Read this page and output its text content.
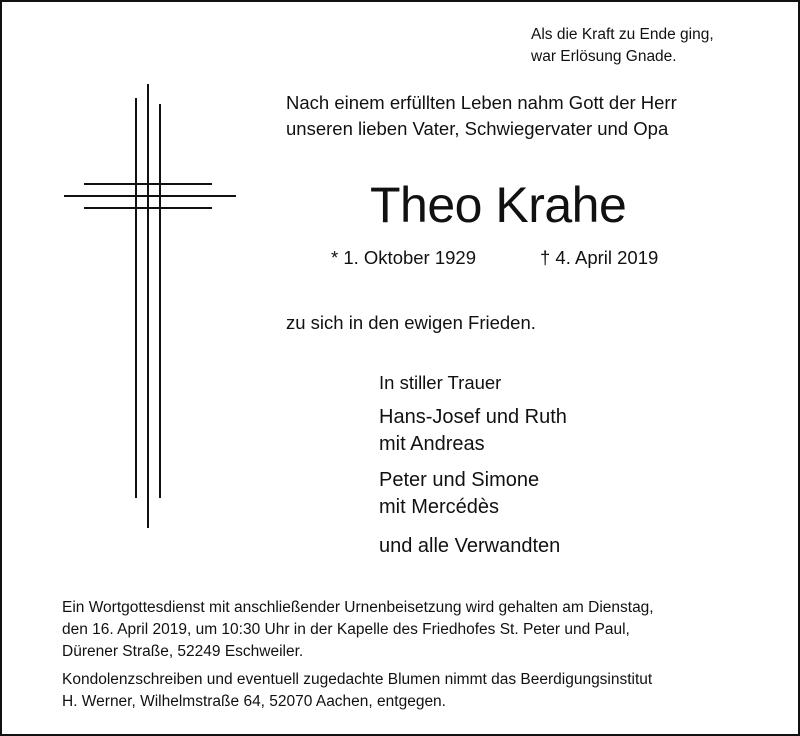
Als die Kraft zu Ende ging,
war Erlösung Gnade.
Nach einem erfüllten Leben nahm Gott der Herr
unseren lieben Vater, Schwiegervater und Opa
Theo Krahe
* 1. Oktober 1929	† 4. April 2019
zu sich in den ewigen Frieden.
In stiller Trauer
Hans-Josef und Ruth
mit Andreas
Peter und Simone
mit Mercédès
und alle Verwandten
Ein Wortgottesdienst mit anschließender Urnenbeisetzung wird gehalten am Dienstag,
den 16. April 2019, um 10:30 Uhr in der Kapelle des Friedhofes St. Peter und Paul,
Dürener Straße, 52249 Eschweiler.
Kondolenzschreiben und eventuell zugedachte Blumen nimmt das Beerdigungsinstitut
H. Werner, Wilhelmstraße 64, 52070 Aachen, entgegen.
